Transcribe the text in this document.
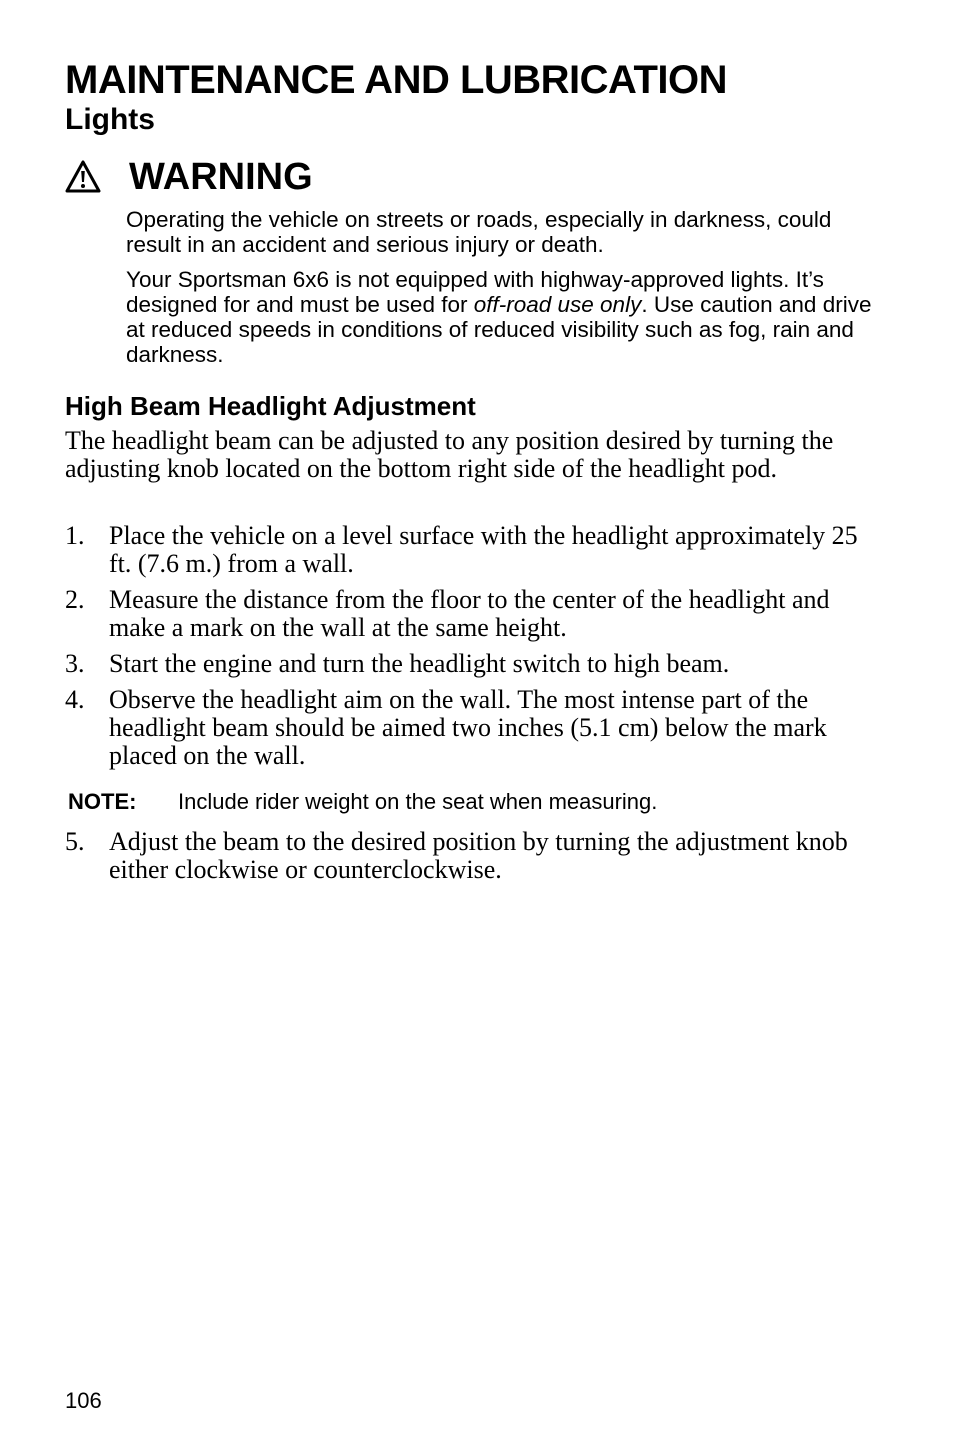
MAINTENANCE AND LUBRICATION
Lights
WARNING

Operating the vehicle on streets or roads, especially in darkness, could result in an accident and serious injury or death.

Your Sportsman 6x6 is not equipped with highway-approved lights. It’s designed for and must be used for off-road use only. Use caution and drive at reduced speeds in conditions of reduced visibility such as fog, rain and darkness.

High Beam Headlight Adjustment

The headlight beam can be adjusted to any position desired by turning the adjusting knob located on the bottom right side of the headlight pod.

1. Place the vehicle on a level surface with the headlight approximately 25 ft. (7.6 m.) from a wall.
2. Measure the distance from the floor to the center of the headlight and make a mark on the wall at the same height.
3. Start the engine and turn the headlight switch to high beam.
4. Observe the headlight aim on the wall. The most intense part of the headlight beam should be aimed two inches (5.1 cm) below the mark placed on the wall.
NOTE: Include rider weight on the seat when measuring.
5. Adjust the beam to the desired position by turning the adjustment knob either clockwise or counterclockwise.
106
